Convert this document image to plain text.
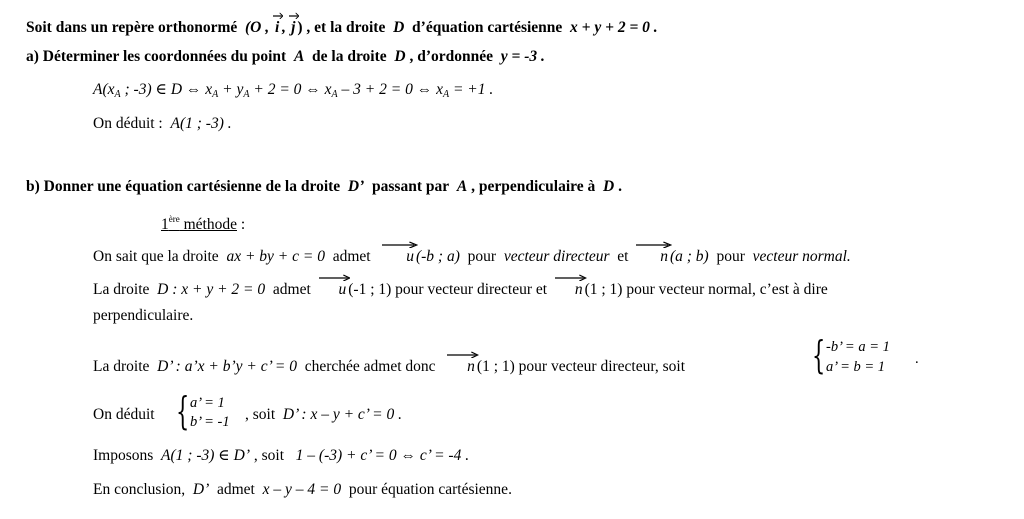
Soit dans un repère orthonormé (O , i , j ) , et la droite D d’équation cartésienne x + y + 2 = 0 .
a) Déterminer les coordonnées du point A de la droite D , d’ordonnée y = -3 .
$A(x_A$ ; -3) ∈ D ⇔ $x_A + y_A + 2 = 0$ ⇔ $x_A - 3 + 2 = 0$ ⇔ $x_A = +1$ .
On déduit : A(1 ; -3) .
b) Donner une équation cartésienne de la droite D’ passant par A , perpendiculaire à D .
1ère méthode :
On sait que la droite ax + by + c = 0 admet u (-b ; a) pour vecteur directeur et n (a ; b) pour vecteur normal.
La droite D : x + y + 2 = 0 admet u (-1 ; 1) pour vecteur directeur et n (1 ; 1) pour vecteur normal, c’est à dire
perpendiculaire.
La droite D’ : a’x + b’y + c’ = 0 cherchée admet donc n (1 ; 1) pour vecteur directeur, soit	{ -b’ = a = 1
a’ = b = 1 .
On déduit { a’ = 1
b’ = -1 , soit D’ : x – y + c’ = 0 .
Imposons A(1 ; -3) ∈ D’ , soit 1 – (-3) + c’ = 0 ⇔ c’ = -4 .
En conclusion, D’ admet x – y – 4 = 0 pour équation cartésienne.
